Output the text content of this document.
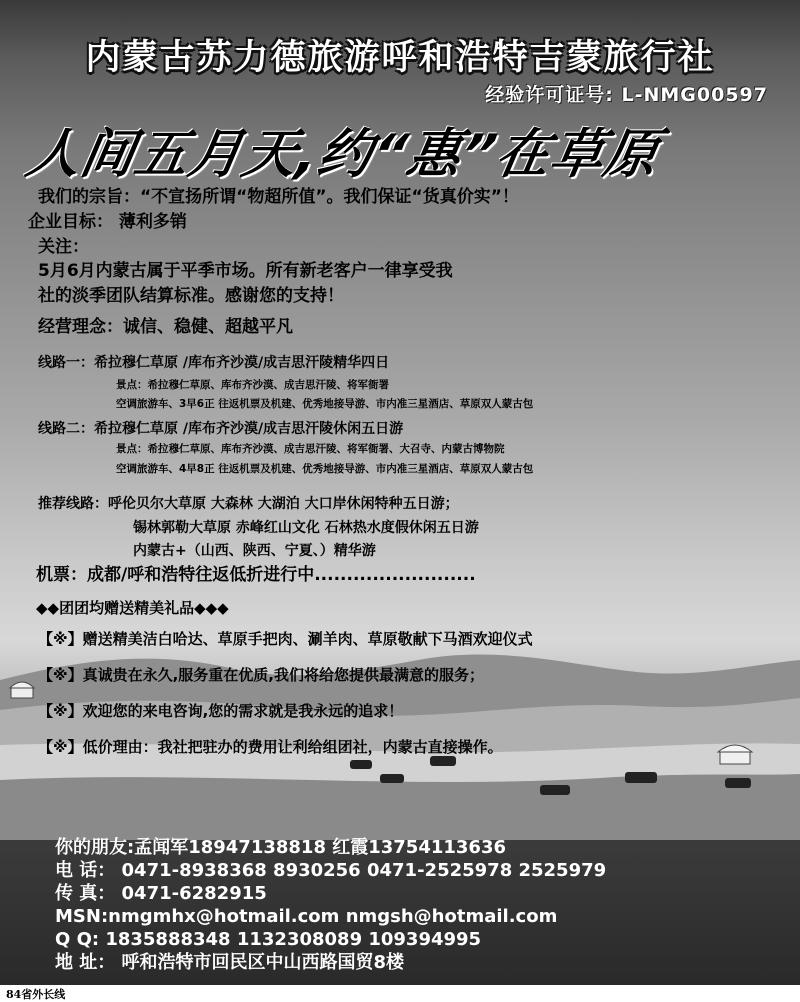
内蒙古苏力德旅游呼和浩特吉蒙旅行社
经验许可证号: L-NMG00597
人间五月天,约“惠”在草原
我们的宗旨：“不宣扬所谓“物超所值”。我们保证“货真价实”！
企业目标： 薄利多销
关注：
5月6月内蒙古属于平季市场。所有新老客户一律享受我
社的淡季团队结算标准。感谢您的支持！
经营理念：诚信、稳健、超越平凡
线路一：希拉穆仁草原 /库布齐沙漠/成吉思汗陵精华四日
景点：希拉穆仁草原、库布齐沙漠、成吉思汗陵、将军衙署
空调旅游车、3早6正 往返机票及机建、优秀地接导游、市内准三星酒店、草原双人蒙古包
线路二：希拉穆仁草原 /库布齐沙漠/成吉思汗陵休闲五日游
景点：希拉穆仁草原、库布齐沙漠、成吉思汗陵、将军衙署、大召寺、内蒙古博物院
空调旅游车、4早8正 往返机票及机建、优秀地接导游、市内准三星酒店、草原双人蒙古包
推荐线路：呼伦贝尔大草原 大森林 大湖泊 大口岸休闲特种五日游；
锡林郭勒大草原 赤峰红山文化 石林热水度假休闲五日游
内蒙古+（山西、陕西、宁夏、）精华游
机票：成都/呼和浩特往返低折进行中.........................
◆◆团团均赠送精美礼品◆◆◆
【※】赠送精美洁白哈达、草原手把肉、涮羊肉、草原敬献下马酒欢迎仪式
【※】真诚贵在永久,服务重在优质,我们将给您提供最满意的服务；
【※】欢迎您的来电咨询,您的需求就是我永远的追求！
【※】低价理由：我社把驻办的费用让利给组团社，内蒙古直接操作。
你的朋友:孟闻军18947138818 红霞13754113636
电 话： 0471-8938368 8930256 0471-2525978 2525979
传 真： 0471-6282915
MSN:nmgmhx@hotmail.com nmgsh@hotmail.com
Q Q: 1835888348 1132308089 109394995
地 址： 呼和浩特市回民区中山西路国贸8楼
84省外长线
